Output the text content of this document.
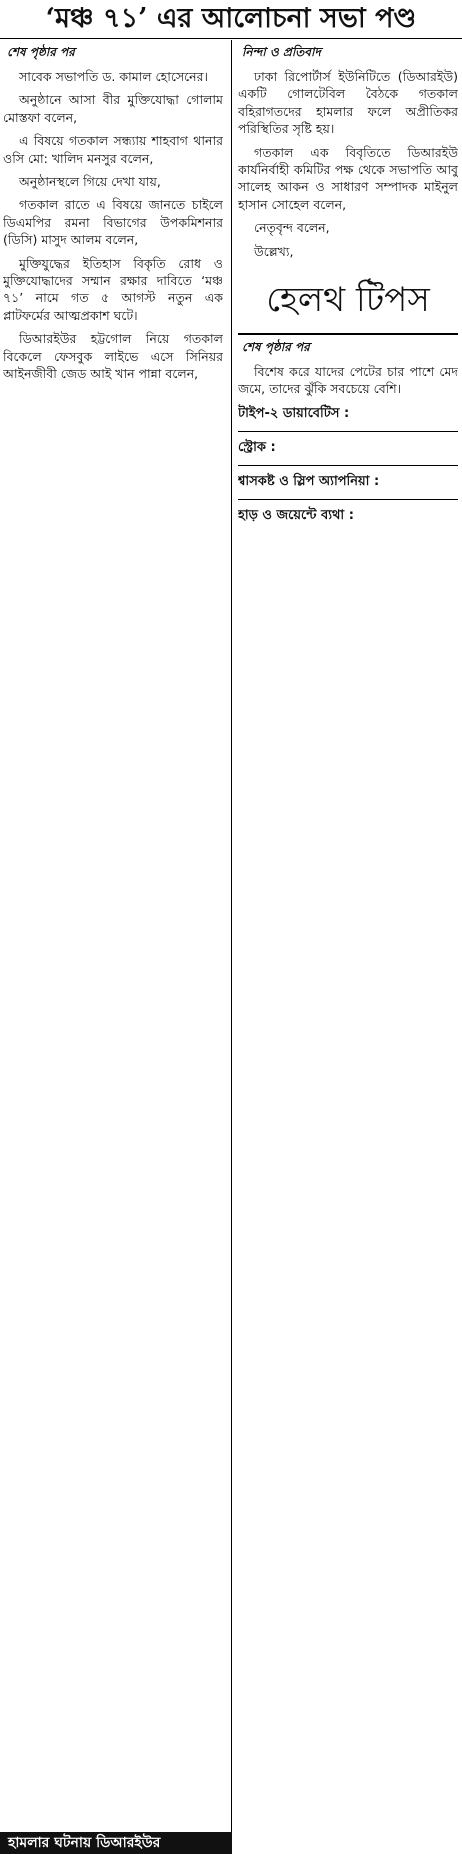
‘মঞ্চ ৭১’ এর আলোচনা সভা পণ্ড
শেষ পৃষ্ঠার পর

সাবেক সভাপতি ড. কামাল হোসেনের।

অনুষ্ঠানে আসা বীর মুক্তিযোদ্ধা গোলাম মোস্তফা বলেন,

এ বিষয়ে গতকাল সন্ধ্যায় শাহবাগ থানার ওসি মো: খালিদ মনসুর বলেন,

অনুষ্ঠানস্থলে গিয়ে দেখা যায়,

গতকাল রাতে এ বিষয়ে জানতে চাইলে ডিএমপির রমনা বিভাগের উপকমিশনার (ডিসি) মাসুদ আলম বলেন,

মুক্তিযুদ্ধের ইতিহাস বিকৃতি রোধ ও মুক্তিযোদ্ধাদের সম্মান রক্ষার দাবিতে ‘মঞ্চ ৭১’ নামে গত ৫ আগস্ট নতুন এক প্লাটফর্মের আত্মপ্রকাশ ঘটে।

ডিআরইউর হট্টগোল নিয়ে গতকাল বিকেলে ফেসবুক লাইভে এসে সিনিয়র আইনজীবী জেড আই খান পান্না বলেন,

নিন্দা ও প্রতিবাদ

ঢাকা রিপোর্টার্স ইউনিটিতে (ডিআরইউ) একটি গোলটেবিল বৈঠকে গতকাল বহিরাগতদের হামলার ফলে অপ্রীতিকর পরিস্থিতির সৃষ্টি হয়।

গতকাল এক বিবৃতিতে ডিআরইউ কার্যনির্বাহী কমিটির পক্ষ থেকে সভাপতি আবু সালেহ আকন ও সাধারণ সম্পাদক মাইনুল হাসান সোহেল বলেন,

নেতৃবৃন্দ বলেন,

উল্লেখ্য,

হেলথ টিপস
শেষ পৃষ্ঠার পর

বিশেষ করে যাদের পেটের চার পাশে মেদ জমে, তাদের ঝুঁকি সবচেয়ে বেশি।

টাইপ-২ ডায়াবেটিস :

স্ট্রোক :

শ্বাসকষ্ট ও স্লিপ অ্যাপনিয়া :

হাড় ও জয়েন্টে ব্যথা :

হামলার ঘটনায় ডিআরইউর
